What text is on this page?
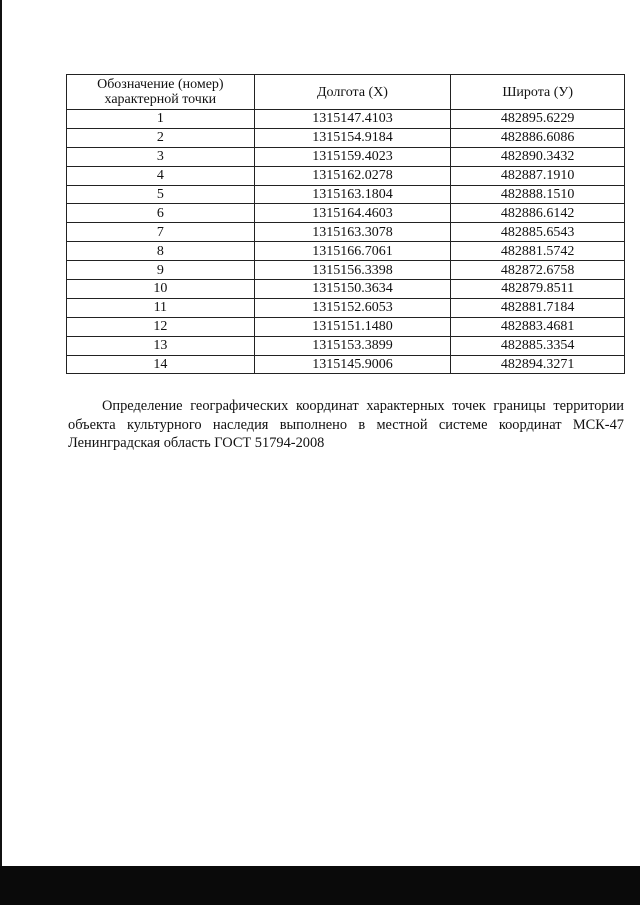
Обозначение (номер) характерной точки	Долгота (X)	Широта (У)
1	1315147.4103	482895.6229
2	1315154.9184	482886.6086
3	1315159.4023	482890.3432
4	1315162.0278	482887.1910
5	1315163.1804	482888.1510
6	1315164.4603	482886.6142
7	1315163.3078	482885.6543
8	1315166.7061	482881.5742
9	1315156.3398	482872.6758
10	1315150.3634	482879.8511
11	1315152.6053	482881.7184
12	1315151.1480	482883.4681
13	1315153.3899	482885.3354
14	1315145.9006	482894.3271

Определение географических координат характерных точек границы территории объекта культурного наследия выполнено в местной системе координат МСК-47 Ленинградская область ГОСТ 51794-2008
